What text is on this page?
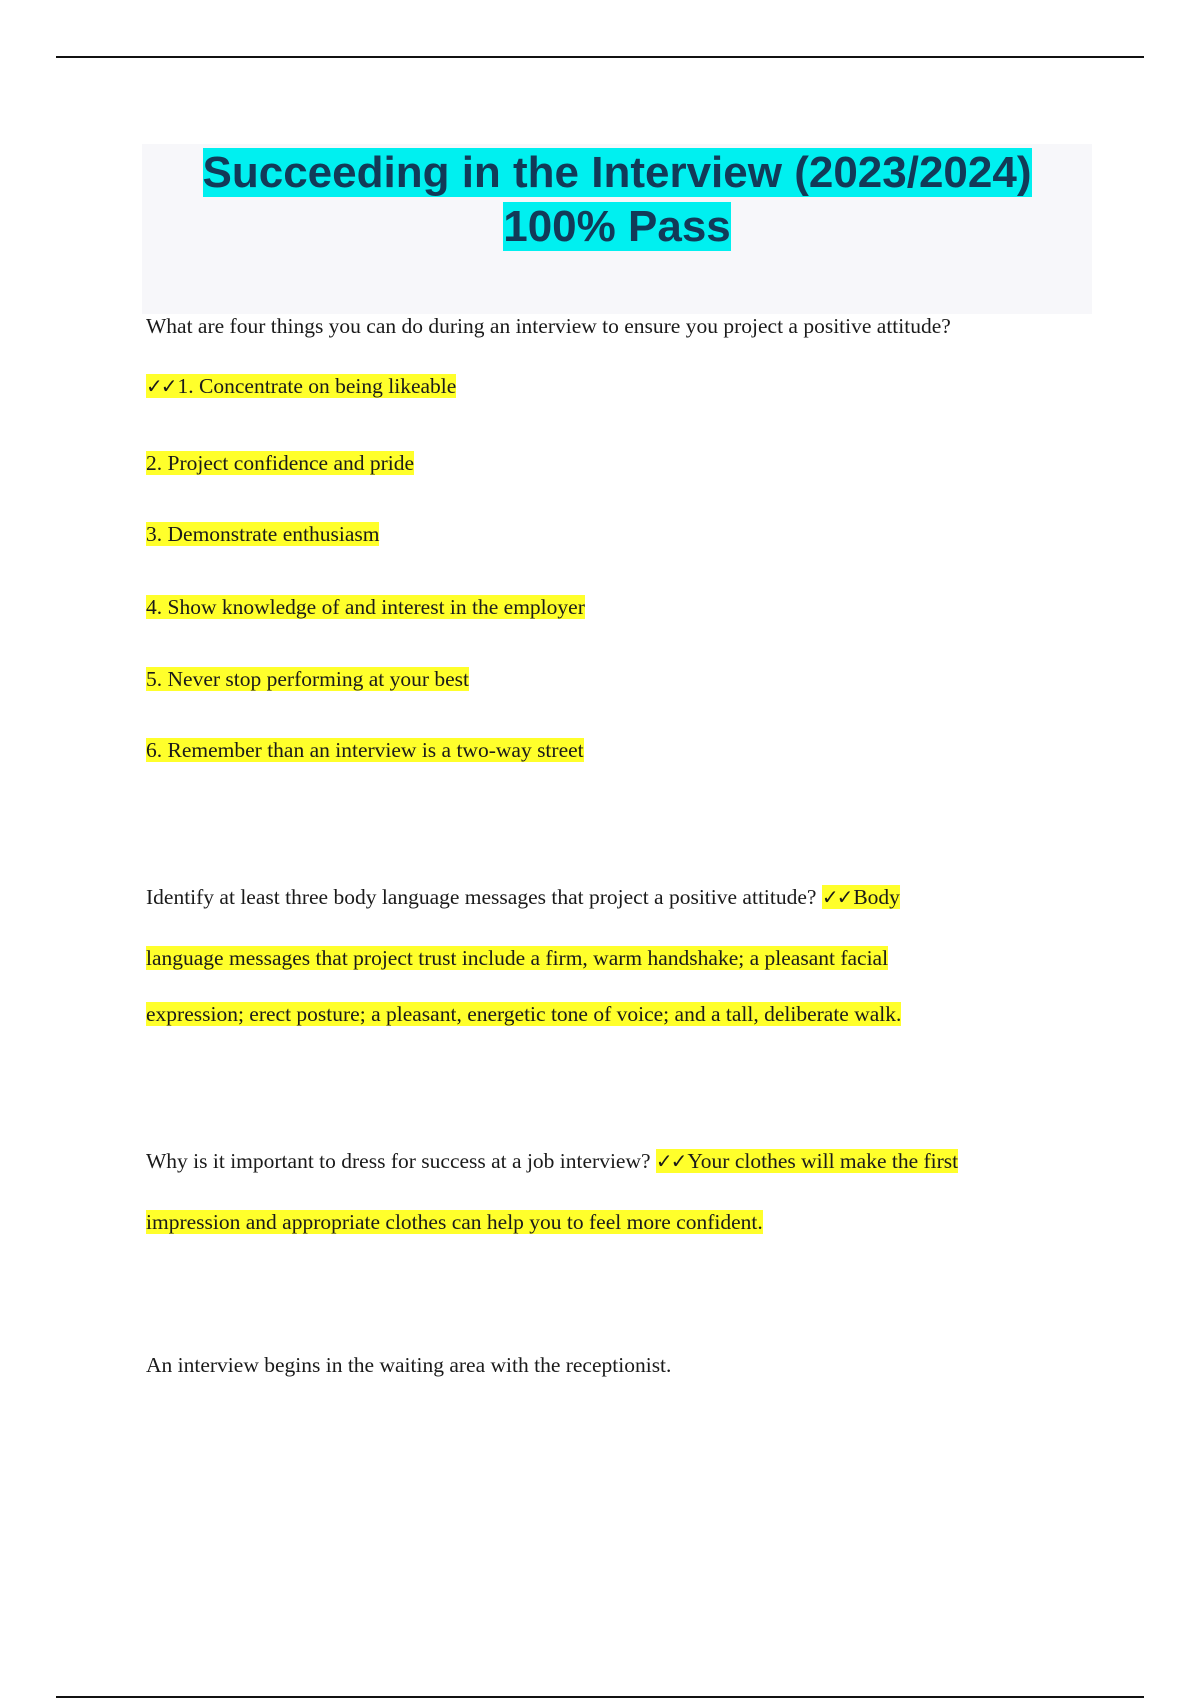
Succeeding in the Interview (2023/2024)
100% Pass
What are four things you can do during an interview to ensure you project a positive attitude?
✓✓1. Concentrate on being likeable
2. Project confidence and pride
3. Demonstrate enthusiasm
4. Show knowledge of and interest in the employer
5. Never stop performing at your best
6. Remember than an interview is a two-way street
Identify at least three body language messages that project a positive attitude? ✓✓Body
language messages that project trust include a firm, warm handshake; a pleasant facial
expression; erect posture; a pleasant, energetic tone of voice; and a tall, deliberate walk.
Why is it important to dress for success at a job interview? ✓✓Your clothes will make the first
impression and appropriate clothes can help you to feel more confident.
An interview begins in the waiting area with the receptionist.
